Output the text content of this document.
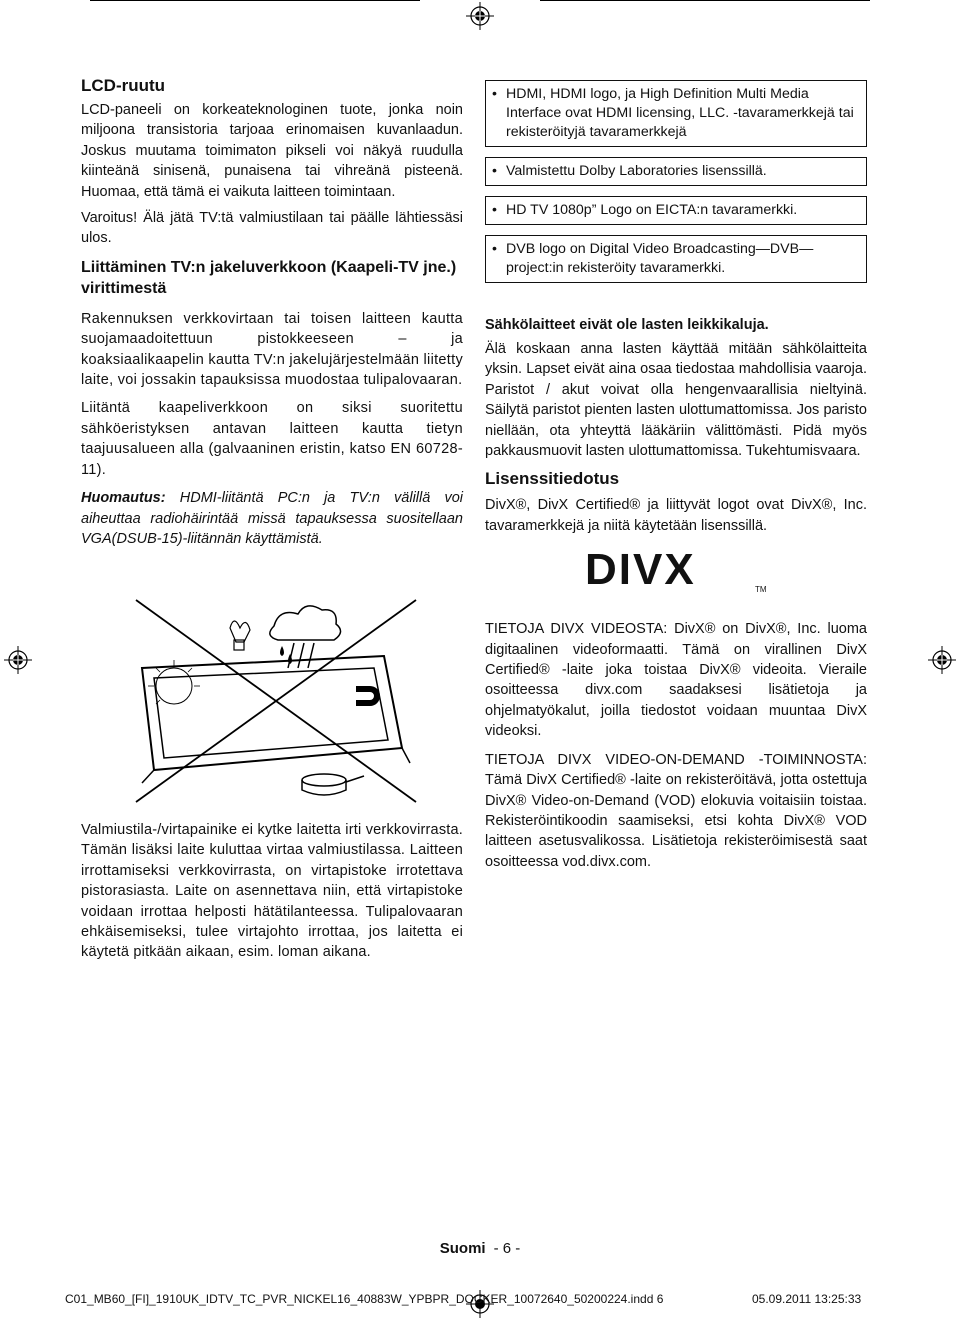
LCD-ruutu

LCD-paneeli on korkeateknologinen tuote, jonka noin miljoona transistoria tarjoaa erinomaisen kuvanlaadun. Joskus muutama toimimaton pikseli voi näkyä ruudulla kiinteänä sinisenä, punaisena tai vihreänä pisteenä. Huomaa, että tämä ei vaikuta laitteen toimintaan.

Varoitus! Älä jätä TV:tä valmiustilaan tai päälle lähtiessäsi ulos.

Liittäminen TV:n jakeluverkkoon (Kaapeli-TV jne.) virittimestä

Rakennuksen verkkovirtaan tai toisen laitteen kautta suojamaadoitettuun pistokkeeseen – ja koaksiaalikaapelin kautta TV:n jakelujärjestelmään liitetty laite, voi jossakin tapauksissa muodostaa tulipalovaaran.

Liitäntä kaapeliverkkoon on siksi suoritettu sähköeristyksen antavan laitteen kautta tietyn taajuusalueen alla (galvaaninen eristin, katso EN 60728-11).

Huomautus: HDMI-liitäntä PC:n ja TV:n välillä voi aiheuttaa radiohäirintää missä tapauksessa suositellaan VGA(DSUB-15)-liitännän käyttämistä.

Valmiustila-/virtapainike ei kytke laitetta irti verkkovirrasta. Tämän lisäksi laite kuluttaa virtaa valmiustilassa. Laitteen irrottamiseksi verkkovirrasta, on virtapistoke irrotettava pistorasiasta. Laite on asennettava niin, että virtapistoke voidaan irrottaa helposti hätätilanteessa. Tulipalovaaran ehkäisemiseksi, tulee virtajohto irrottaa, jos laitetta ei käytetä pitkään aikaan, esim. loman aikana.

• HDMI, HDMI logo, ja High Definition Multi Media Interface ovat HDMI licensing, LLC. -tavaramerkkejä tai rekisteröityjä tavaramerkkejä
• Valmistettu Dolby Laboratories lisenssillä.
• HD TV 1080p” Logo on EICTA:n tavaramerkki.
• DVB logo on Digital Video Broadcasting—DVB—project:in rekisteröity tavaramerkki.

Sähkölaitteet eivät ole lasten leikkikaluja.

Älä koskaan anna lasten käyttää mitään sähkölaitteita yksin. Lapset eivät aina osaa tiedostaa mahdollisia vaaroja. Paristot / akut voivat olla hengenvaarallisia nieltyinä. Säilytä paristot pienten lasten ulottumattomissa. Jos paristo niellään, ota yhteyttä lääkäriin välittömästi. Pidä myös pakkausmuovit lasten ulottumattomissa. Tukehtumisvaara.

Lisenssitiedotus

DivX®, DivX Certified® ja liittyvät logot ovat DivX®, Inc. tavaramerkkejä ja niitä käytetään lisenssillä.

DIVX	TM

TIETOJA DIVX VIDEOSTA: DivX® on DivX®, Inc. luoma digitaalinen videoformaatti. Tämä on virallinen DivX Certified® -laite joka toistaa DivX® videoita. Vieraile osoitteessa divx.com saadaksesi lisätietoja ja ohjelmatyökalut, joilla tiedostot voidaan muuntaa DivX videoksi.

TIETOJA DIVX VIDEO-ON-DEMAND -TOIMINNOSTA: Tämä DivX Certified® -laite on rekisteröitävä, jotta ostettuja DivX® Video-on-Demand (VOD) elokuvia voitaisiin toistaa. Rekisteröintikoodin saamiseksi, etsi kohta DivX® VOD laitteen asetusvalikossa. Lisätietoja rekisteröimisestä saat osoitteessa vod.divx.com.

Suomi - 6 -
C01_MB60_[FI]_1910UK_IDTV_TC_PVR_NICKEL16_40883W_YPBPR_DOCKER_10072640_50200224.indd 6	05.09.2011 13:25:33
